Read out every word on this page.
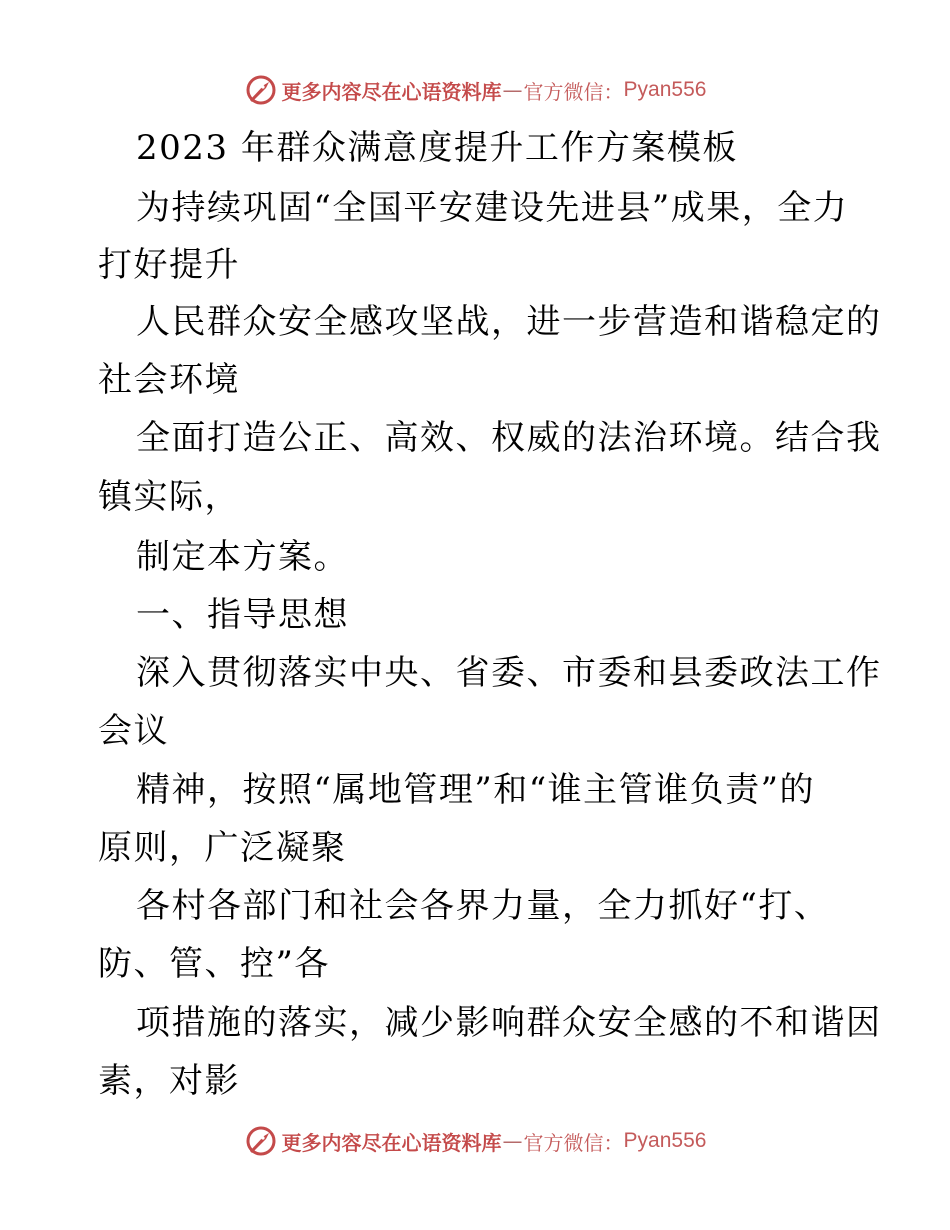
更多内容尽在心语资料库 — 官方微信： Pyan556
2023 年群众满意度提升工作方案模板
为持续巩固“全国平安建设先进县”成果，全力
打好提升
人民群众安全感攻坚战，进一步营造和谐稳定的
社会环境
全面打造公正、高效、权威的法治环境。结合我
镇实际，
制定本方案。
一、指导思想
深入贯彻落实中央、省委、市委和县委政法工作
会议
精神，按照“属地管理”和“谁主管谁负责”的
原则，广泛凝聚
各村各部门和社会各界力量，全力抓好“打、
防、管、控”各
项措施的落实，减少影响群众安全感的不和谐因
素，对影
更多内容尽在心语资料库 — 官方微信： Pyan556
